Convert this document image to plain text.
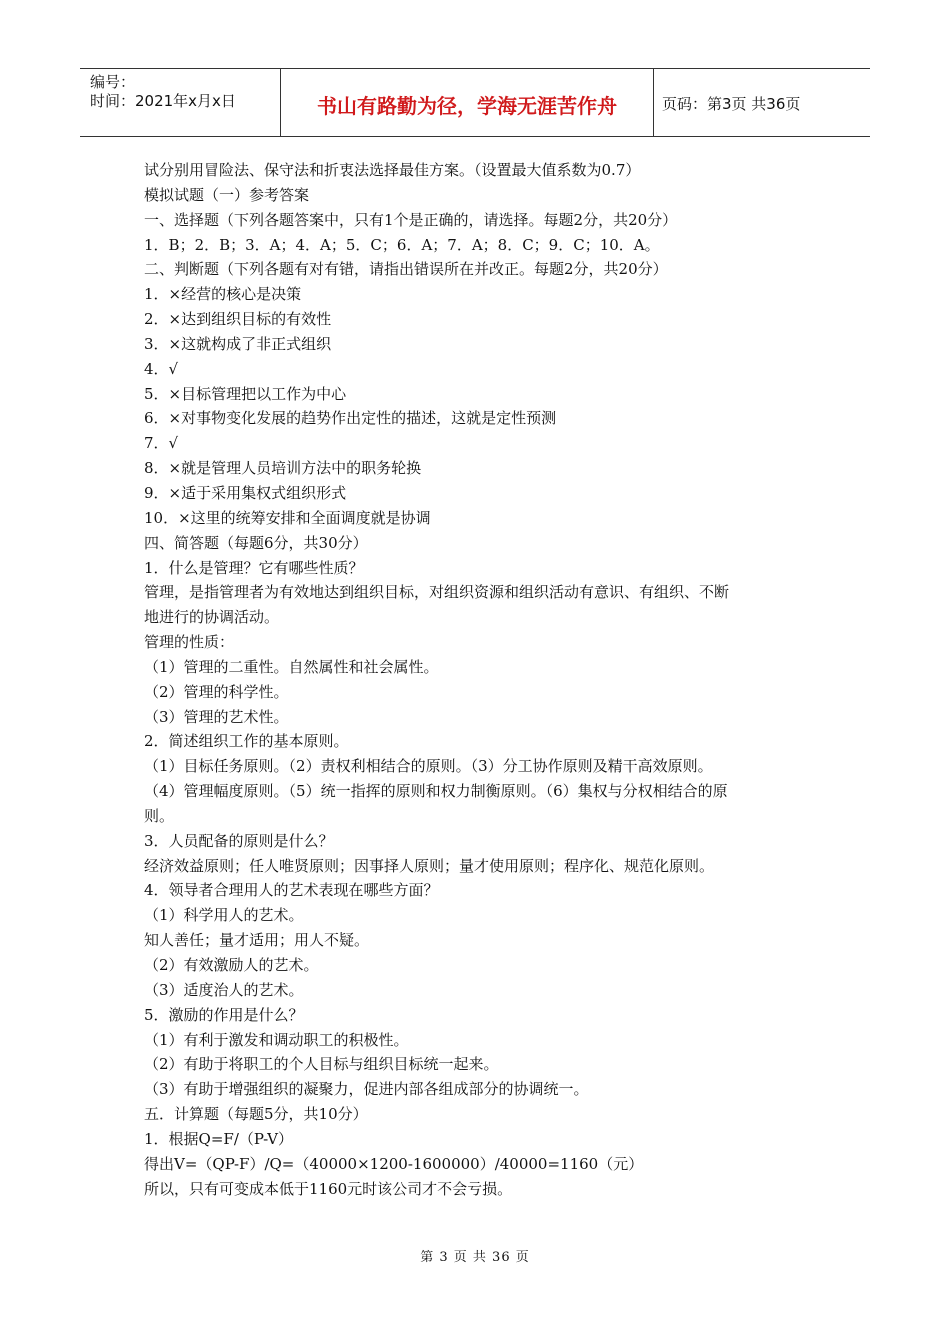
编号：
时间：2021年x月x日	书山有路勤为径，学海无涯苦作舟	页码：第3页 共36页

试分别用冒险法、保守法和折衷法选择最佳方案。（设置最大值系数为0.7）

模拟试题（一）参考答案

一、选择题（下列各题答案中，只有1个是正确的，请选择。每题2分，共20分）

1．B；2．B；3．A；4．A；5．C；6．A；7．A；8．C；9．C；10．A。

二、判断题（下列各题有对有错，请指出错误所在并改正。每题2分，共20分）

1．×经营的核心是决策

2．×达到组织目标的有效性

3．×这就构成了非正式组织

4．√

5．×目标管理把以工作为中心

6．×对事物变化发展的趋势作出定性的描述，这就是定性预测

7．√

8．×就是管理人员培训方法中的职务轮换

9．×适于采用集权式组织形式

10．×这里的统筹安排和全面调度就是协调

四、简答题（每题6分，共30分）

1．什么是管理？它有哪些性质？

管理，是指管理者为有效地达到组织目标，对组织资源和组织活动有意识、有组织、不断

地进行的协调活动。

管理的性质：

（1）管理的二重性。自然属性和社会属性。

（2）管理的科学性。

（3）管理的艺术性。

2．简述组织工作的基本原则。

（1）目标任务原则。（2）责权利相结合的原则。（3）分工协作原则及精干高效原则。

（4）管理幅度原则。（5）统一指挥的原则和权力制衡原则。（6）集权与分权相结合的原

则。

3．人员配备的原则是什么？

经济效益原则；任人唯贤原则；因事择人原则；量才使用原则；程序化、规范化原则。

4．领导者合理用人的艺术表现在哪些方面？

（1）科学用人的艺术。

知人善任；量才适用；用人不疑。

（2）有效激励人的艺术。

（3）适度治人的艺术。

5．激励的作用是什么？

（1）有利于激发和调动职工的积极性。

（2）有助于将职工的个人目标与组织目标统一起来。

（3）有助于增强组织的凝聚力，促进内部各组成部分的协调统一。

五．计算题（每题5分，共10分）

1．根据Q=F/（P-V）

得出V=（QP-F）/Q=（40000×1200-1600000）/40000=1160（元）

所以，只有可变成本低于1160元时该公司才不会亏损。

第 3 页 共 36 页
